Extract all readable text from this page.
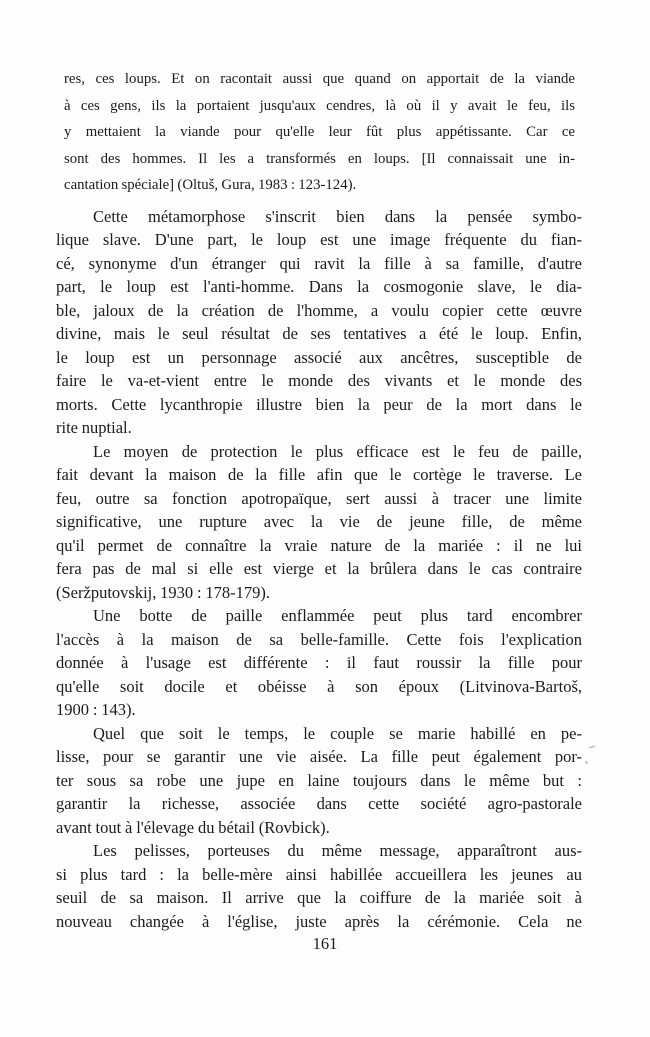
res, ces loups. Et on racontait aussi que quand on apportait de la viande
à ces gens, ils la portaient jusqu'aux cendres, là où il y avait le feu, ils
y mettaient la viande pour qu'elle leur fût plus appétissante. Car ce
sont des hommes. Il les a transformés en loups. [Il connaissait une in-
cantation spéciale] (Oltuš, Gura, 1983 : 123-124).
Cette métamorphose s'inscrit bien dans la pensée symbo-
lique slave. D'une part, le loup est une image fréquente du fian-
cé, synonyme d'un étranger qui ravit la fille à sa famille, d'autre
part, le loup est l'anti-homme. Dans la cosmogonie slave, le dia-
ble, jaloux de la création de l'homme, a voulu copier cette œuvre
divine, mais le seul résultat de ses tentatives a été le loup. Enfin,
le loup est un personnage associé aux ancêtres, susceptible de
faire le va-et-vient entre le monde des vivants et le monde des
morts. Cette lycanthropie illustre bien la peur de la mort dans le
rite nuptial.
Le moyen de protection le plus efficace est le feu de paille,
fait devant la maison de la fille afin que le cortège le traverse. Le
feu, outre sa fonction apotropaïque, sert aussi à tracer une limite
significative, une rupture avec la vie de jeune fille, de même
qu'il permet de connaître la vraie nature de la mariée : il ne lui
fera pas de mal si elle est vierge et la brûlera dans le cas contraire
(Seržputovskij, 1930 : 178-179).
Une botte de paille enflammée peut plus tard encombrer
l'accès à la maison de sa belle-famille. Cette fois l'explication
donnée à l'usage est différente : il faut roussir la fille pour
qu'elle soit docile et obéisse à son époux (Litvinova-Bartoš,
1900 : 143).
Quel que soit le temps, le couple se marie habillé en pe-
lisse, pour se garantir une vie aisée. La fille peut également por-
ter sous sa robe une jupe en laine toujours dans le même but :
garantir la richesse, associée dans cette société agro-pastorale
avant tout à l'élevage du bétail (Rovbick).
Les pelisses, porteuses du même message, apparaîtront aus-
si plus tard : la belle-mère ainsi habillée accueillera les jeunes au
seuil de sa maison. Il arrive que la coiffure de la mariée soit à
nouveau changée à l'église, juste après la cérémonie. Cela ne
161
